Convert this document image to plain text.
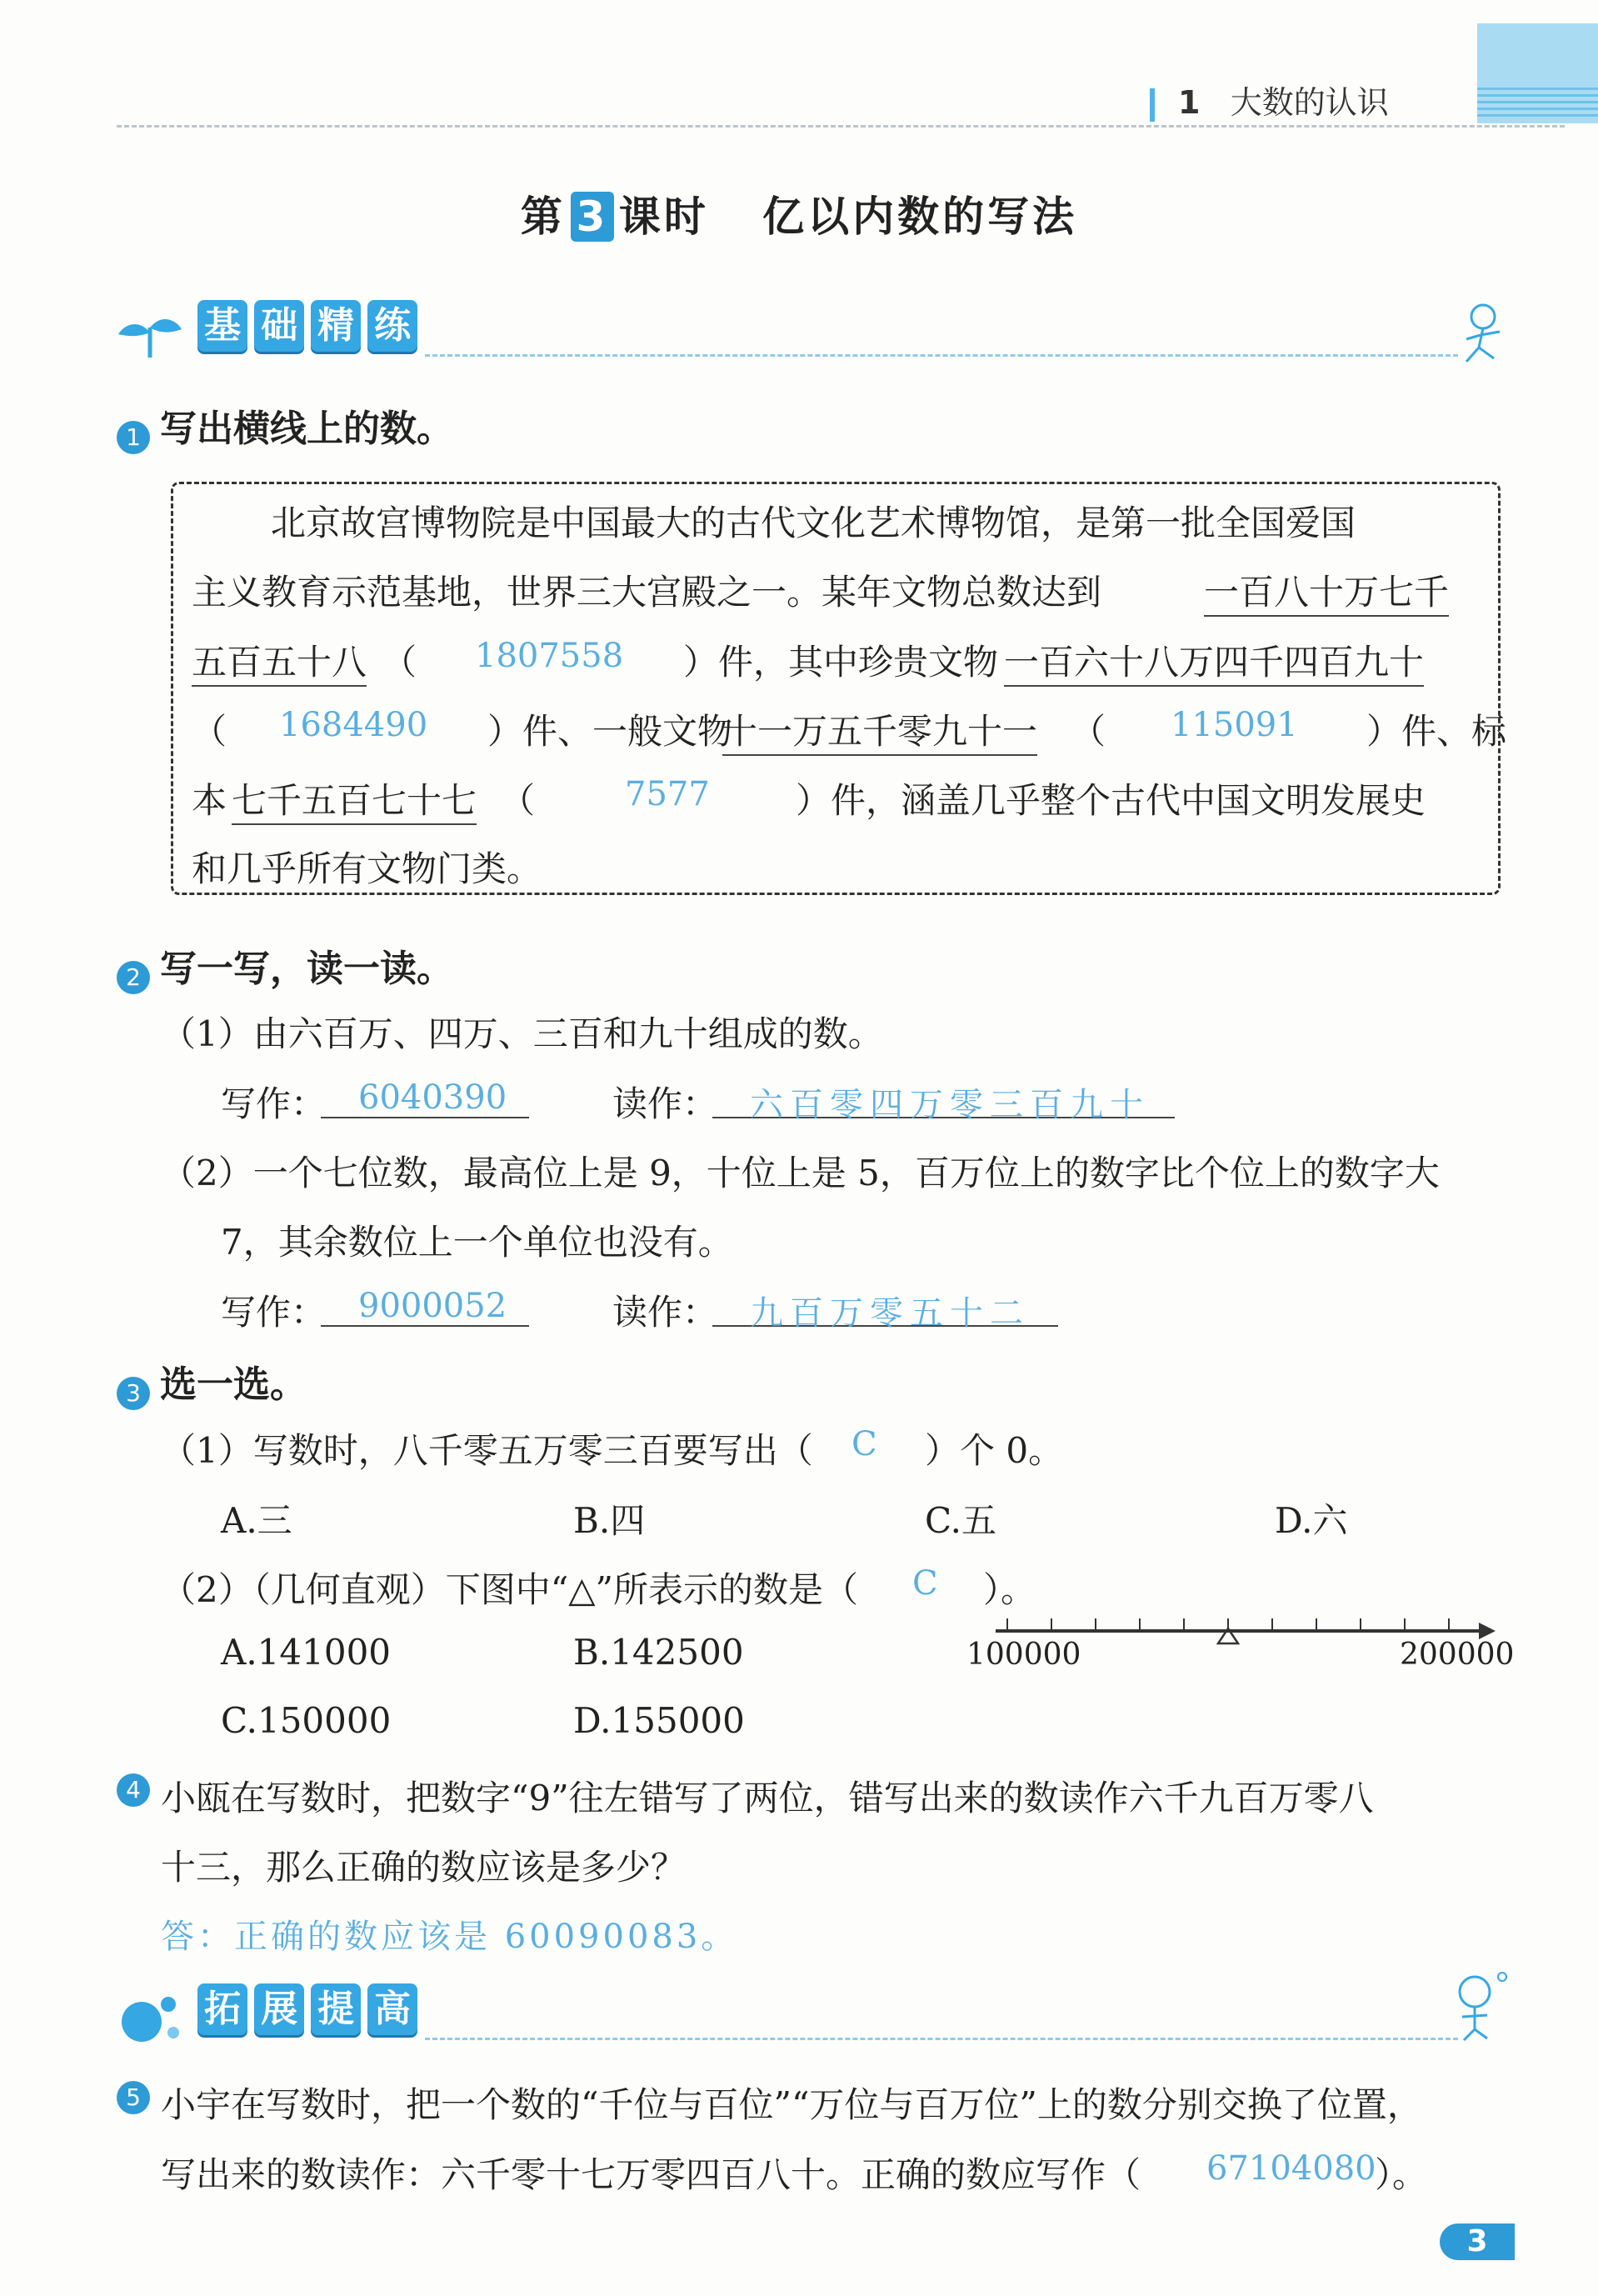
1 大数的认识
第 3 课时 亿以内数的写法
基 础 精 练
1 写出横线上的数。
北京故宫博物院是中国最大的古代文化艺术博物馆，是第一批全国爱国
主义教育示范基地，世界三大宫殿之一。某年文物总数达到	一百八十万七千
五百五十八 （ 1807558 ）件，其中珍贵文物 一百六十八万四千四百九十
（ 1684490 ）件、一般文物
十一万五千零九十一 （ 115091 ）件、标
本 七千五百七十七 （	7577 ）件，涵盖几乎整个古代中国文明发展史
和几乎所有文物门类。
2 写一写，读一读。
（1）由六百万、四万、三百和九十组成的数。
写作： 6040390	读作： 六百零四万零三百九十
（2）一个七位数，最高位上是 9，十位上是 5，百万位上的数字比个位上的数字大
7，其余数位上一个单位也没有。
写作： 9000052	读作： 九百万零五十二
3 选一选。
（1）写数时，八千零五万零三百要写出（ C ）个 0。
A.三	B.四	C.五	D.六
（2）（几何直观）下图中“△”所表示的数是（ C ）。
A.141000	B.142500
C.150000	D.155000
100000	200000
4 小瓯在写数时，把数字“9”往左错写了两位，错写出来的数读作六千九百万零八
十三，那么正确的数应该是多少？
答：正确的数应该是 60090083。
拓 展 提 高
5 小宇在写数时，把一个数的“千位与百位”“万位与百万位”上的数分别交换了位置，
写出来的数读作：六千零十七万零四百八十。正确的数应写作（ 67104080
）。
3
